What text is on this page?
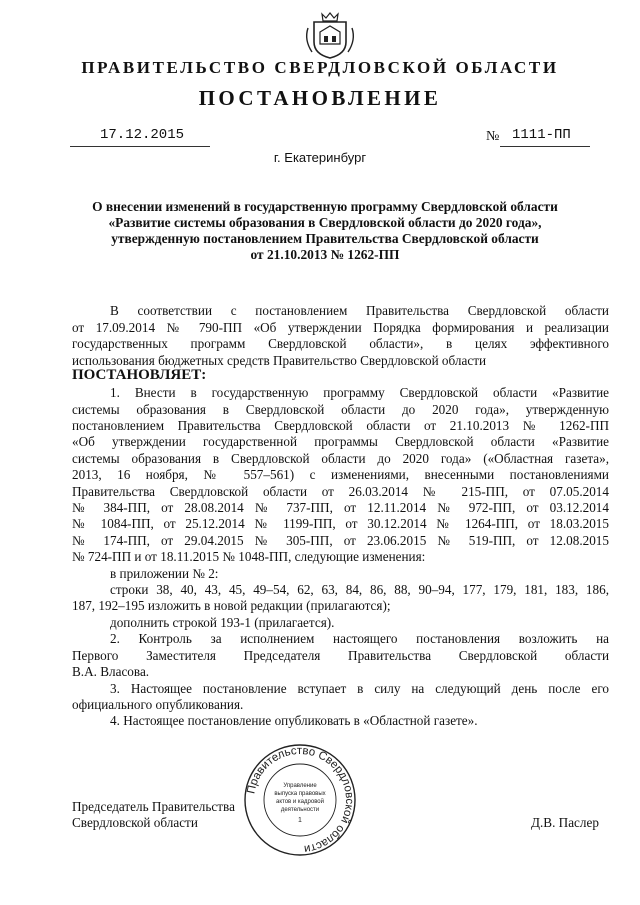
ПРАВИТЕЛЬСТВО СВЕРДЛОВСКОЙ ОБЛАСТИ
ПОСТАНОВЛЕНИЕ
17.12.2015	№ 1111-ПП
г. Екатеринбург
О внесении изменений в государственную программу Свердловской области
«Развитие системы образования в Свердловской области до 2020 года»,
утвержденную постановлением Правительства Свердловской области
от 21.10.2013 № 1262-ПП
В соответствии с постановлением Правительства Свердловской области
от 17.09.2014 № 790-ПП «Об утверждении Порядка формирования и реализации
государственных программ Свердловской области», в целях эффективного
использования бюджетных средств Правительство Свердловской области
ПОСТАНОВЛЯЕТ:
1. Внести в государственную программу Свердловской области «Развитие
системы образования в Свердловской области до 2020 года», утвержденную
постановлением Правительства Свердловской области от 21.10.2013 № 1262-ПП
«Об утверждении государственной программы Свердловской области «Развитие
системы образования в Свердловской области до 2020 года» («Областная газета»,
2013, 16 ноября, № 557–561) с изменениями, внесенными постановлениями
Правительства Свердловской области от 26.03.2014 № 215-ПП, от 07.05.2014
№ 384-ПП, от 28.08.2014 № 737-ПП, от 12.11.2014 № 972-ПП, от 03.12.2014
№ 1084-ПП, от 25.12.2014 № 1199-ПП, от 30.12.2014 № 1264-ПП, от 18.03.2015
№ 174-ПП, от 29.04.2015 № 305-ПП, от 23.06.2015 № 519-ПП, от 12.08.2015
№ 724-ПП и от 18.11.2015 № 1048-ПП, следующие изменения:
в приложении № 2:
строки 38, 40, 43, 45, 49–54, 62, 63, 84, 86, 88, 90–94, 177, 179, 181, 183, 186,
187, 192–195 изложить в новой редакции (прилагаются);
дополнить строкой 193-1 (прилагается).
2. Контроль за исполнением настоящего постановления возложить на
Первого Заместителя Председателя Правительства Свердловской области
В.А. Власова.
3. Настоящее постановление вступает в силу на следующий день после его
официального опубликования.
4. Настоящее постановление опубликовать в «Областной газете».
Правительство Свердловской области
Управление
выпуска правовых
актов и кадровой
деятельности
1
Председатель Правительства
Свердловской области	Д.В. Паслер
